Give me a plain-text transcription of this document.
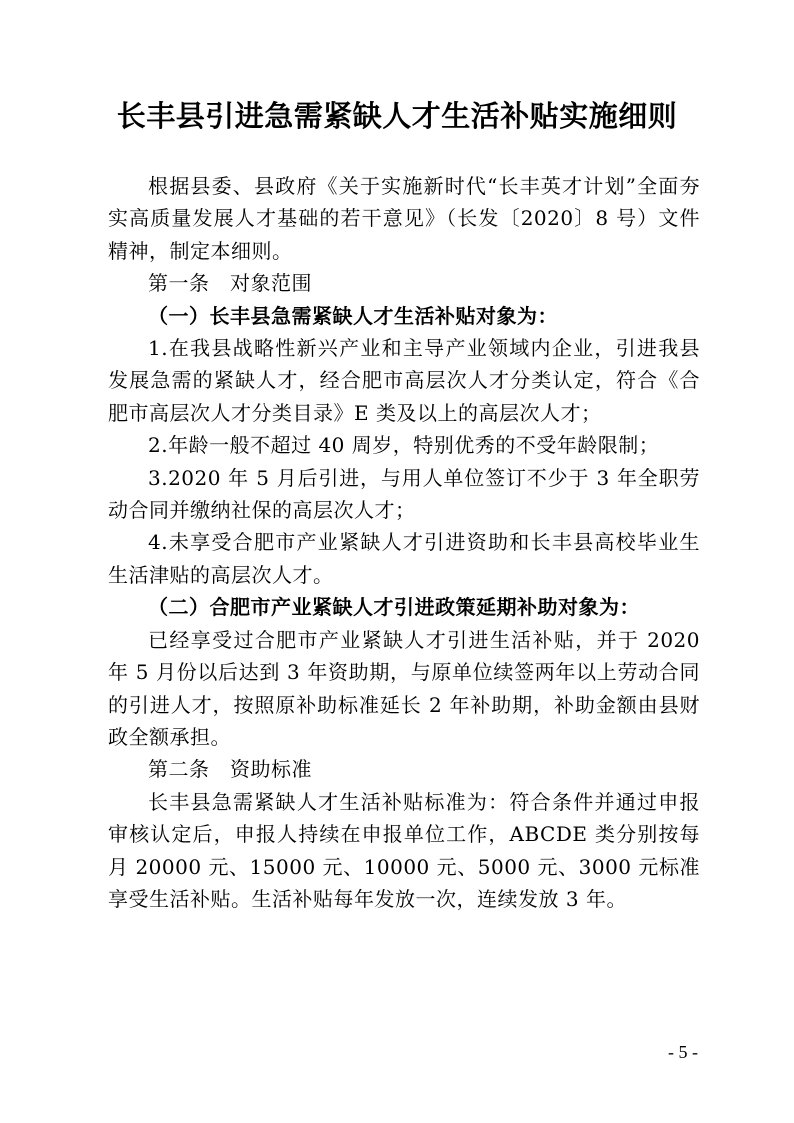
长丰县引进急需紧缺人才生活补贴实施细则

根据县委、县政府《关于实施新时代“长丰英才计划”全面夯实高质量发展人才基础的若干意见》（长发〔2020〕8 号）文件精神，制定本细则。

第一条　对象范围

（一）长丰县急需紧缺人才生活补贴对象为：

1.在我县战略性新兴产业和主导产业领域内企业，引进我县发展急需的紧缺人才，经合肥市高层次人才分类认定，符合《合肥市高层次人才分类目录》E 类及以上的高层次人才；

2.年龄一般不超过 40 周岁，特别优秀的不受年龄限制；

3.2020 年 5 月后引进，与用人单位签订不少于 3 年全职劳动合同并缴纳社保的高层次人才；

4.未享受合肥市产业紧缺人才引进资助和长丰县高校毕业生生活津贴的高层次人才。

（二）合肥市产业紧缺人才引进政策延期补助对象为：

已经享受过合肥市产业紧缺人才引进生活补贴，并于 2020 年 5 月份以后达到 3 年资助期，与原单位续签两年以上劳动合同的引进人才，按照原补助标准延长 2 年补助期，补助金额由县财政全额承担。

第二条　资助标准

长丰县急需紧缺人才生活补贴标准为：符合条件并通过申报审核认定后，申报人持续在申报单位工作，ABCDE 类分别按每月 20000 元、15000 元、10000 元、5000 元、3000 元标准享受生活补贴。生活补贴每年发放一次，连续发放 3 年。

- 5 -
